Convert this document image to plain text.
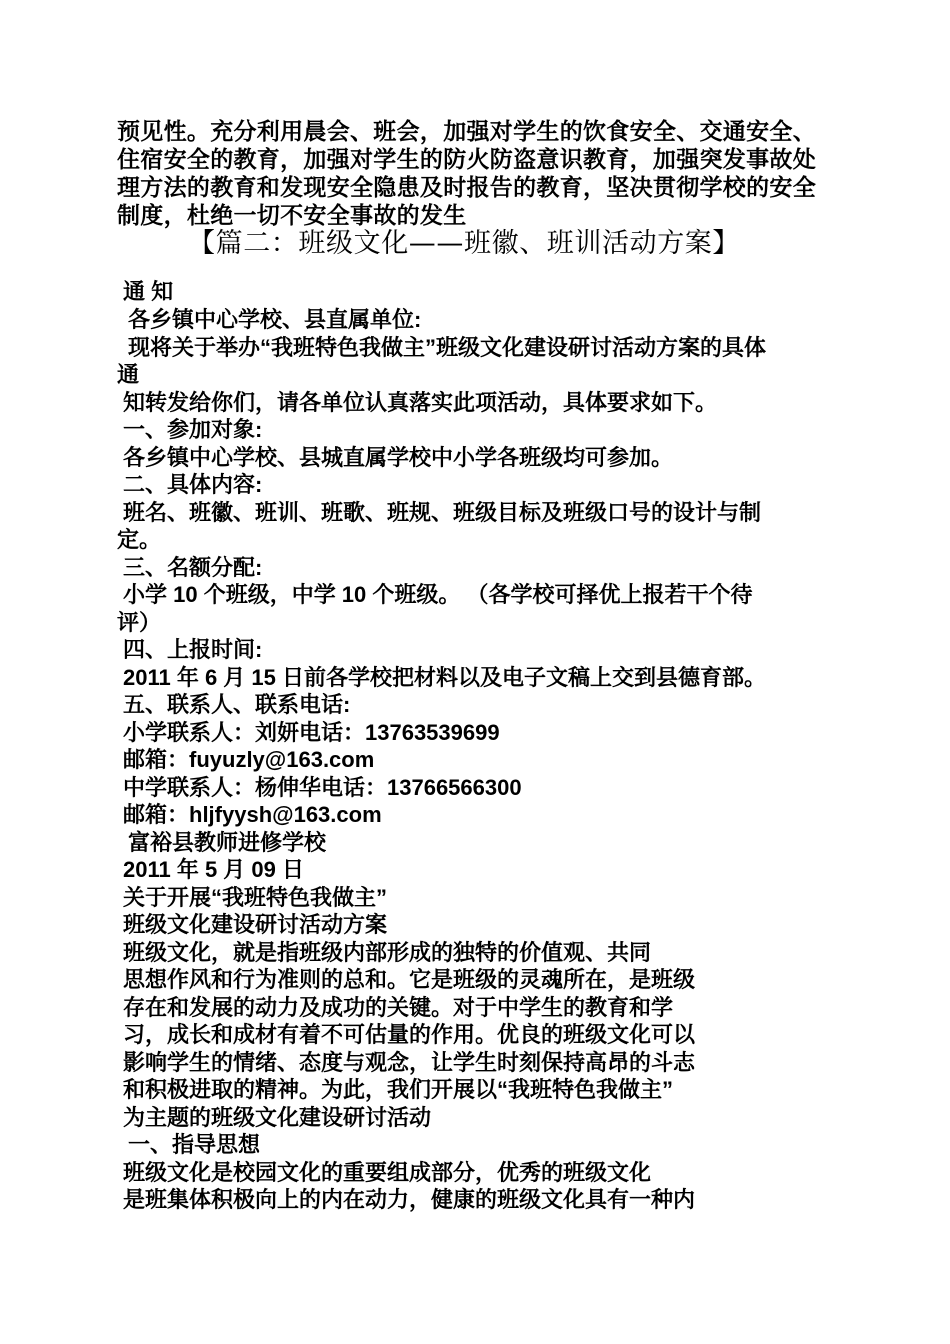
预见性。充分利用晨会、班会，加强对学生的饮食安全、交通安全、
住宿安全的教育，加强对学生的防火防盗意识教育，加强突发事故处
理方法的教育和发现安全隐患及时报告的教育，坚决贯彻学校的安全
制度，杜绝一切不安全事故的发生
【篇二：班级文化——班徽、班训活动方案】
通 知
各乡镇中心学校、县直属单位:
现将关于举办“我班特色我做主”班级文化建设研讨活动方案的具体
通
知转发给你们，请各单位认真落实此项活动，具体要求如下。
一、参加对象:
各乡镇中心学校、县城直属学校中小学各班级均可参加。
二、具体内容:
班名、班徽、班训、班歌、班规、班级目标及班级口号的设计与制
定。
三、名额分配:
小学 10 个班级，中学 10 个班级。 （各学校可择优上报若干个待
评）
四、上报时间:
2011 年 6 月 15 日前各学校把材料以及电子文稿上交到县德育部。
五、联系人、联系电话:
小学联系人：刘妍电话：13763539699
邮箱：fuyuzly@163.com
中学联系人：杨伸华电话：13766566300
邮箱：hljfyysh@163.com
富裕县教师进修学校
2011 年 5 月 09 日
关于开展“我班特色我做主”
班级文化建设研讨活动方案
班级文化，就是指班级内部形成的独特的价值观、共同
思想作风和行为准则的总和。它是班级的灵魂所在，是班级
存在和发展的动力及成功的关键。对于中学生的教育和学
习，成长和成材有着不可估量的作用。优良的班级文化可以
影响学生的情绪、态度与观念，让学生时刻保持高昂的斗志
和积极进取的精神。为此，我们开展以“我班特色我做主”
为主题的班级文化建设研讨活动
一、指导思想
班级文化是校园文化的重要组成部分，优秀的班级文化
是班集体积极向上的内在动力，健康的班级文化具有一种内
